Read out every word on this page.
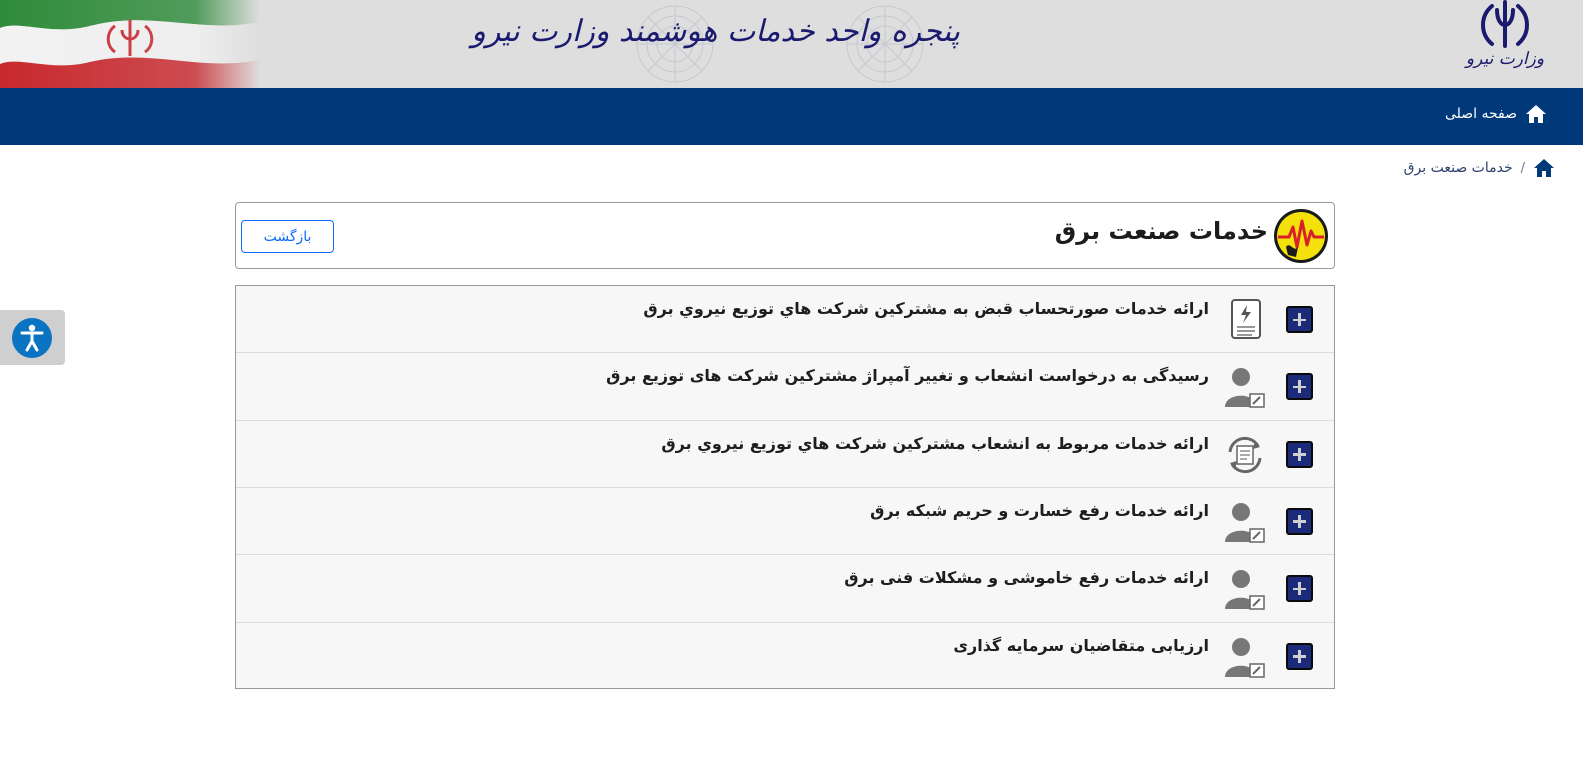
پنجره واحد خدمات هوشمند وزارت نیرو
وزارت نیرو
صفحه اصلی
/
خدمات صنعت برق
خدمات صنعت برق
بازگشت
ارائه خدمات صورتحساب قبض به مشترکین شرکت هاي توزيع نيروي برق
رسیدگی به درخواست انشعاب و تغییر آمپراژ مشترکین شرکت های توزیع برق
ارائه خدمات مربوط به انشعاب مشترکين شرکت هاي توزيع نيروي برق
ارائه خدمات رفع خسارت و حریم شبکه برق
ارائه خدمات رفع خاموشی و مشکلات فنی برق
ارزیابی متقاضیان سرمایه گذاری
